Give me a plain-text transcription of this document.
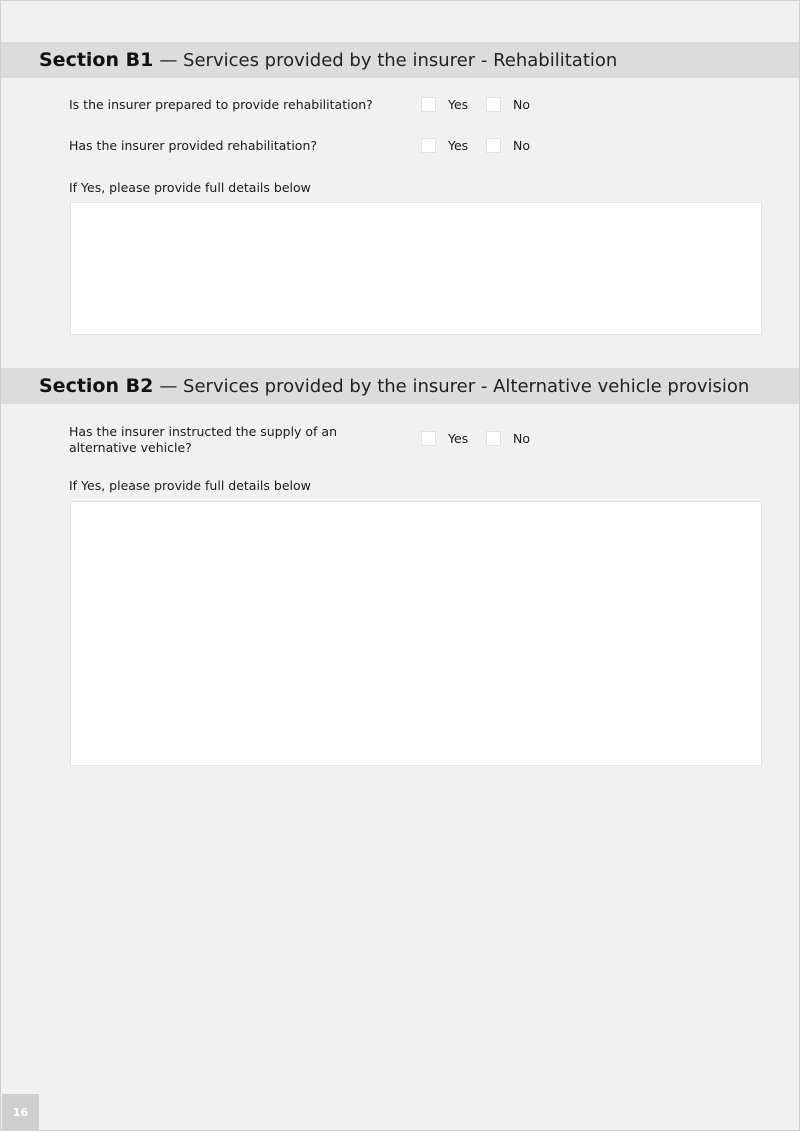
Section B1 — Services provided by the insurer - Rehabilitation
Is the insurer prepared to provide rehabilitation?	Yes	No
Has the insurer provided rehabilitation?	Yes	No
If Yes, please provide full details below
Section B2 — Services provided by the insurer - Alternative vehicle provision
Has the insurer instructed the supply of an
alternative vehicle?
Yes	No
If Yes, please provide full details below
16
